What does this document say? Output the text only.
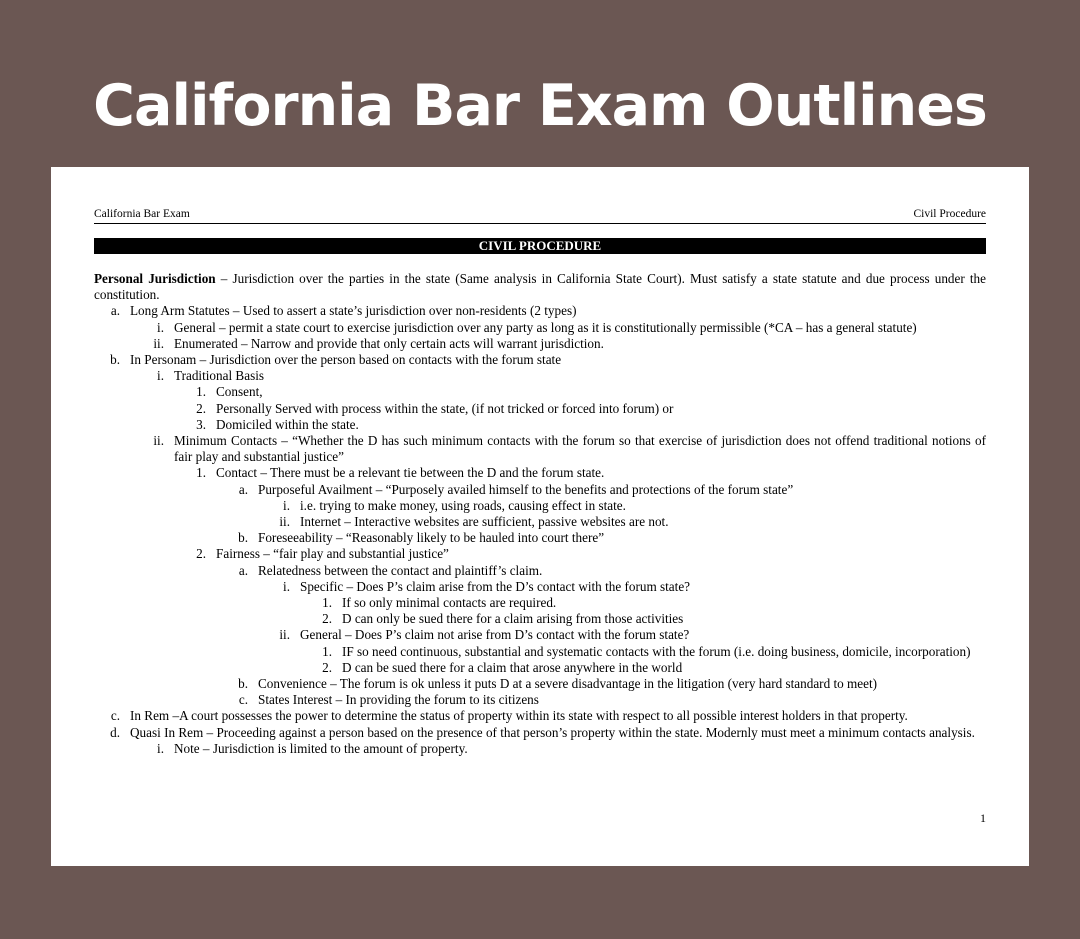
California Bar Exam Outlines
California Bar Exam	Civil Procedure
CIVIL PROCEDURE

Personal Jurisdiction – Jurisdiction over the parties in the state (Same analysis in California State Court). Must satisfy a state statute and due process under the constitution.

a. Long Arm Statutes – Used to assert a state’s jurisdiction over non-residents (2 types)
i. General – permit a state court to exercise jurisdiction over any party as long as it is constitutionally permissible (*CA – has a general statute)
ii. Enumerated – Narrow and provide that only certain acts will warrant jurisdiction.
b. In Personam – Jurisdiction over the person based on contacts with the forum state
i. Traditional Basis
1. Consent,
2. Personally Served with process within the state, (if not tricked or forced into forum) or
3. Domiciled within the state.
ii. Minimum Contacts – “Whether the D has such minimum contacts with the forum so that exercise of jurisdiction does not offend traditional notions of fair play and substantial justice”
1. Contact – There must be a relevant tie between the D and the forum state.
a. Purposeful Availment – “Purposely availed himself to the benefits and protections of the forum state”
i. i.e. trying to make money, using roads, causing effect in state.
ii. Internet – Interactive websites are sufficient, passive websites are not.
b. Foreseeability – “Reasonably likely to be hauled into court there”
2. Fairness – “fair play and substantial justice”
a. Relatedness between the contact and plaintiff’s claim.
i. Specific – Does P’s claim arise from the D’s contact with the forum state?
1. If so only minimal contacts are required.
2. D can only be sued there for a claim arising from those activities
ii. General – Does P’s claim not arise from D’s contact with the forum state?
1. IF so need continuous, substantial and systematic contacts with the forum (i.e. doing business, domicile, incorporation)
2. D can be sued there for a claim that arose anywhere in the world
b. Convenience – The forum is ok unless it puts D at a severe disadvantage in the litigation (very hard standard to meet)
c. States Interest – In providing the forum to its citizens
c. In Rem –A court possesses the power to determine the status of property within its state with respect to all possible interest holders in that property.
d. Quasi In Rem – Proceeding against a person based on the presence of that person’s property within the state. Modernly must meet a minimum contacts analysis.
i. Note – Jurisdiction is limited to the amount of property.
1
